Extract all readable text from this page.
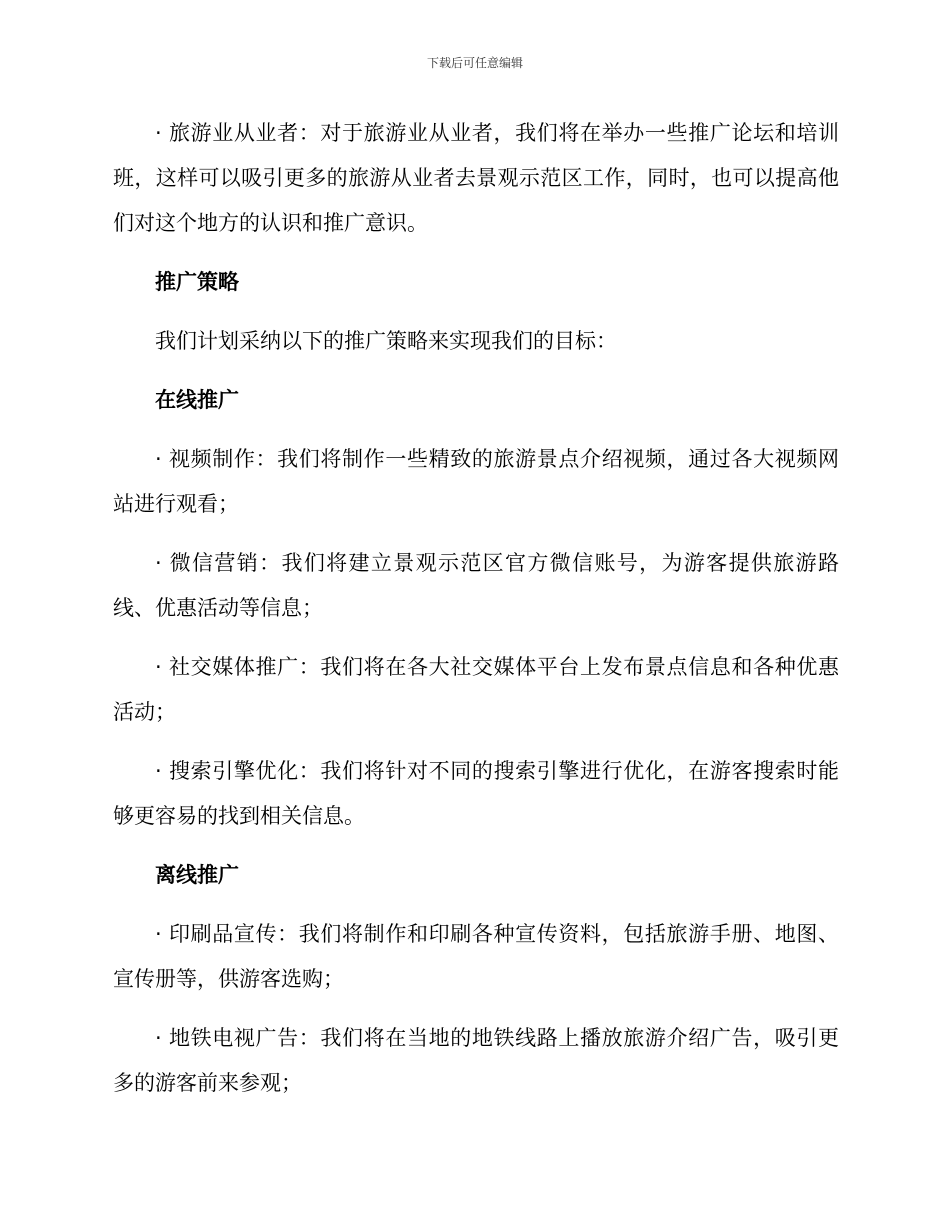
下载后可任意编辑

· 旅游业从业者：对于旅游业从业者，我们将在举办一些推广论坛和培训班，这样可以吸引更多的旅游从业者去景观示范区工作，同时，也可以提高他们对这个地方的认识和推广意识。

推广策略

我们计划采纳以下的推广策略来实现我们的目标：

在线推广

· 视频制作：我们将制作一些精致的旅游景点介绍视频，通过各大视频网站进行观看；

· 微信营销：我们将建立景观示范区官方微信账号，为游客提供旅游路线、优惠活动等信息；

· 社交媒体推广：我们将在各大社交媒体平台上发布景点信息和各种优惠活动；

· 搜索引擎优化：我们将针对不同的搜索引擎进行优化，在游客搜索时能够更容易的找到相关信息。

离线推广

· 印刷品宣传：我们将制作和印刷各种宣传资料，包括旅游手册、地图、宣传册等，供游客选购；

· 地铁电视广告：我们将在当地的地铁线路上播放旅游介绍广告，吸引更多的游客前来参观；
